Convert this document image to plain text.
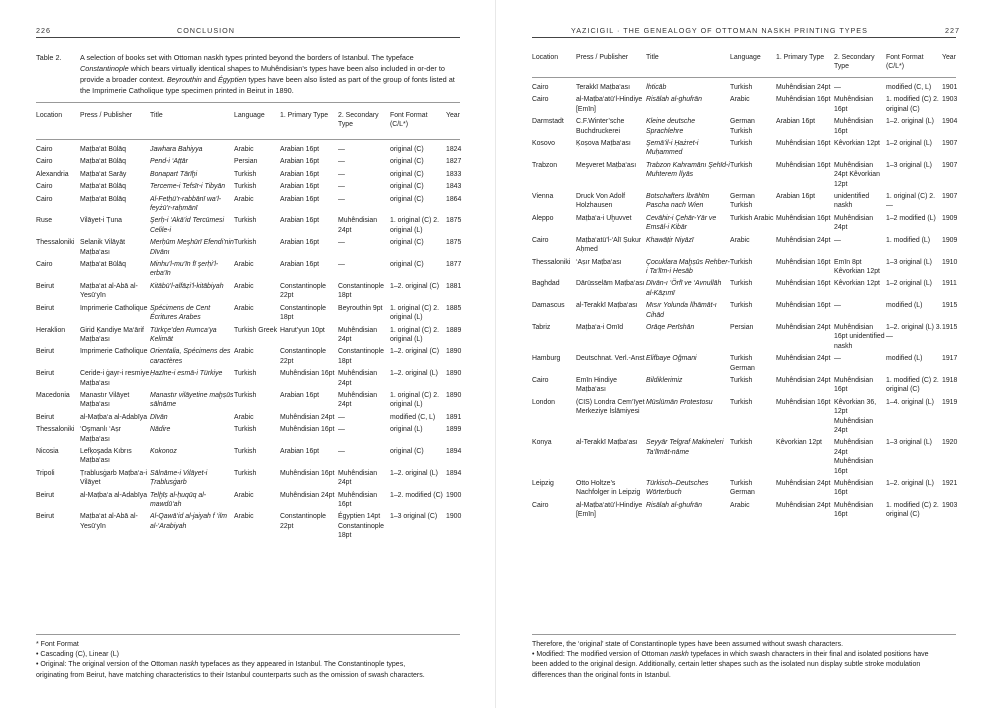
226	CONCLUSION
Table 2.	A selection of books set with Ottoman naskh types printed beyond the borders of Istanbul. The typeface Constantinople which bears virtually identical shapes to Muhêndisian’s types have been also included in or-der to provide a broader context. Beyrouthin and Égyptien types have been also listed as part of the group of fonts listed at the Imprimerie Catholique type specimen printed in Beirut in 1890.
Location	Press / Publisher	Title	Language	1. Primary Type	2. Secondary Type	Font Format (C/L*)	Year
Cairo	Maṭba‘at Būlāq	Jawhara Bahiyya	Arabic	Arabian 16pt	—	original (C)	1824
Cairo	Maṭba‘at Būlāq	Pend-i ‘Aṭṭār	Persian	Arabian 16pt	—	original (C)	1827
Alexandria	Maṭba‘at Sarāy	Bonapart Tārīḫi	Turkish	Arabian 16pt	—	original (C)	1833
Cairo	Maṭba‘at Būlāq	Terceme-i Tefsīr-i Tibyān	Turkish	Arabian 16pt	—	original (C)	1843
Cairo	Maṭba‘at Būlāq	Al-Fetḥü’r-rabbānī wa’l-feyżü’r-raḥmānī	Arabic	Arabian 16pt	—	original (C)	1864
Ruse	Vilāyet-i Ṭuna	Şerḥ-i ‘Akā’id Tercümesi Celile-i	Turkish	Arabian 16pt	Muhêndisian 24pt	1. original (C) 2. original (L)	1875
Thessaloniki	Selanik Vilāyāt Maṭba‘ası	Merḥūm Meşhūrī Efendi’nin Dīvānı	Turkish	Arabian 16pt	—	original (C)	1875
Cairo	Maṭba‘at Būlāq	Minhu’l-mu‘īn fī şerḥi’l-erba‘īn	Arabic	Arabian 16pt	—	original (C)	1877
Beirut	Maṭba‘at al-Abā al-Yesū‘yīn	Kitābü’l-alfāẓi’l-kitābiyah	Arabic	Constantinople 22pt	Constantinople 18pt	1–2. original (C)	1881
Beirut	Imprimerie Catholique	Spécimens de Cent Écritures Arabes	Arabic	Constantinople 18pt	Beyrouthin 9pt	1. original (C) 2. original (L)	1885
Heraklion	Girid Ḳandiye Ma‘ārif Maṭba‘ası	Türkçe’den Rumca’ya Kelimāt	Turkish Greek	Harut’yun 10pt	Muhêndisian 24pt	1. original (C) 2. original (L)	1889
Beirut	Imprimerie Catholique	Orientalia, Spécimens des caractères	Arabic	Constantinople 22pt	Constantinople 18pt	1–2. original (C)	1890
Beirut	Ceride-i ġayr-i resmiye Maṭba‘ası	Ḥazīne-i esmā-i Türkiye	Turkish	Muhêndisian 16pt	Muhêndisian 24pt	1–2. original (L)	1890
Macedonia	Manastır Vilāyet Maṭba‘ası	Manastır vilāyetine maḫṣūs sālnāme	Turkish	Arabian 16pt	Muhêndisian 24pt	1. original (C) 2. original (L)	1890
Beirut	al-Maṭba‘a al-Adabīya	Dīvān	Arabic	Muhêndisian 24pt	—	modified (C, L)	1891
Thessaloniki	‘Oşmanlı ‘Aṣr Maṭba‘ası	Nādire	Turkish	Muhêndisian 16pt	—	original (L)	1899
Nicosia	Lefḳoşada Kıbrıs Maṭba‘ası	Kokonoz	Turkish	Arabian 16pt	—	original (C)	1894
Tripoli	Ṭrablusġarb Maṭba‘a-i Vilāyet	Sālnāme-i Vilāyet-i Ṭrablusġarb	Turkish	Muhêndisian 16pt	Muhêndisian 24pt	1–2. original (L)	1894
Beirut	al-Maṭba‘a al-Adabīya	Telḫīṣ al-ḥuqūq al-mawdū‘ah	Arabic	Muhêndisian 24pt	Muhêndisian 16pt	1–2. modified (C)	1900
Beirut	Maṭba‘at al-Abā al-Yesū‘yīn	Al-Qawā‘id al-jaiyah f ‘ilm al-‘Arabiyah	Arabic	Constantinople 22pt	Égyptien 14pt Constantinople 18pt	1–3 original (C)	1900
* Font Format
• Cascading (C), Linear (L)
• Original: The original version of the Ottoman naskh typefaces as they appeared in Istanbul. The Constantinople types,
originating from Beirut, have matching characteristics to their Istanbul counterparts such as the omission of swash characters.
YAZICIGIL · THE GENEALOGY OF OTTOMAN NASKH PRINTING TYPES	227
Location	Press / Publisher	Title	Language	1. Primary Type	2. Secondary Type	Font Format (C/L*)	Year
Cairo	Terakkī Maṭba‘ası	İhticāb	Turkish	Muhêndisian 24pt	—	modified (C, L)	1901
Cairo	al-Maṭba‘atü’l-Hindiye [Emīn]	Risālah al-ghufrān	Arabic	Muhêndisian 16pt	Muhêndisian 16pt	1. modified (C) 2. original (C)	1903
Darmstadt	C.F.Winter’sche Buchdruckerei	Kleine deutsche Sprachlehre	German Turkish	Arabian 16pt	Muhêndisian 16pt	1–2. original (L)	1904
Kosovo	Ḳoṣova Maṭba‘ası	Şemā’il-i Ḥażret-i Muḥammed	Turkish	Muhêndisian 16pt	Kêvorkian 12pt	1–2 original (L)	1907
Trabzon	Meşveret Maṭba‘ası	Trabzon Kahramānı Şehīd-i Muhterem İlyās	Turkish	Muhêndisian 16pt	Muhêndisian 24pt Kêvorkian 12pt	1–3 original (L)	1907
Vienna	Druck Von Adolf Holzhausen	Botschafters İbrāhīm Pascha nach Wien	German Turkish	Arabian 16pt	unidentified naskh	1. original (C) 2. —	1907
Aleppo	Maṭba‘a-i Uḫuvvet	Cevāhir-i Çehār-Yār ve Emsāl-i Kibār	Turkish Arabic	Muhêndisian 16pt	Muhêndisian 24pt	1–2 modified (L)	1909
Cairo	Maṭba‘atü’l-‘Alī Ṣukur Aḥmed	Khawāṭir Niyāzī	Arabic	Muhêndisian 24pt	—	1. modified (L)	1909
Thessaloniki	‘Aṣır Maṭba‘ası	Çocuklara Maḫṣūs Rehber-i Ta‘līm-i Hesāb	Turkish	Muhêndisian 16pt	Emīn 8pt Kêvorkian 12pt	1–3 original (L)	1910
Baghdad	Dārüsselām Maṭba‘ası	Dīvān-ı ‘Örfī ve ‘Avnullāh al-Kāẓımī	Turkish	Muhêndisian 16pt	Kêvorkian 12pt	1–2 original (L)	1911
Damascus	al-Terakkī Maṭba‘ası	Mısır Yolunda İlhāmāt-ı Cihād	Turkish	Muhêndisian 16pt	—	modified (L)	1915
Tabriz	Maṭba‘a-i Omīd	Orāqe Perīshān	Persian	Muhêndisian 24pt	Muhêndisian 16pt unidentified naskh	1–2. original (L) 3. —	1915
Hamburg	Deutschnat. Verl.-Anst	Elifbaye Oğmani	Turkish German	Muhêndisian 24pt	—	modified (L)	1917
Cairo	Emīn Hindiye Maṭba‘ası	Bildiklerimiz	Turkish	Muhêndisian 24pt	Muhêndisian 16pt	1. modified (C) 2. original (C)	1918
London	(CIS) Londra Cem‘īyet Merkeziye İslāmiyesi	Müslümān Protestosu	Turkish	Muhêndisian 16pt	Kêvorkian 36, 12pt Muhêndisian 24pt	1–4. original (L)	1919
Konya	al-Terakkī Maṭba‘ası	Seyyār Telgraf Makineleri Ta‘līmāt-nāme	Turkish	Kêvorkian 12pt	Muhêndisian 24pt Muhêndisian 16pt	1–3 original (L)	1920
Leipzig	Otto Holtze’s Nachfolger in Leipzig	Türkisch–Deutsches Wörterbuch	Turkish German	Muhêndisian 24pt	Muhêndisian 16pt	1–2. original (L)	1921
Cairo	al-Maṭba‘atü’l-Hindiye [Emīn]	Risālah al-ghufrān	Arabic	Muhêndisian 24pt	Muhêndisian 16pt	1. modified (C) 2. original (C)	1903
Therefore, the ‘original’ state of Constantinople types have been assumed without swash characters.
• Modified: The modified version of Ottoman naskh typefaces in which swash characters in their final and isolated positions have
been added to the original design. Additionally, certain letter shapes such as the isolated nun display subtle stroke modulation
differences than the original fonts in Istanbul.
